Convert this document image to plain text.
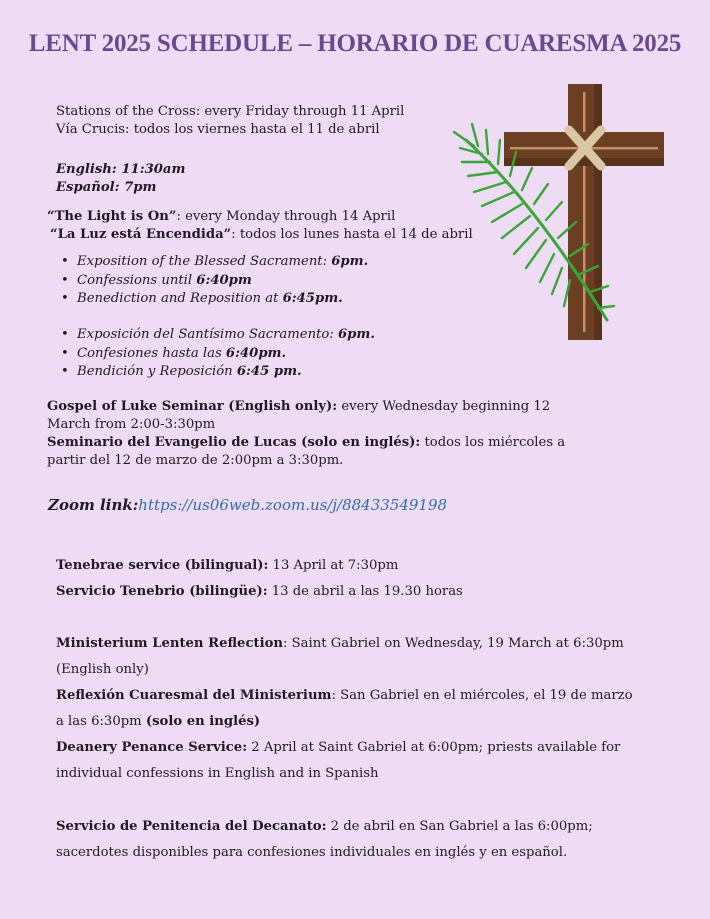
LENT 2025 SCHEDULE – HORARIO DE CUARESMA 2025
Stations of the Cross: every Friday through 11 April
Vía Crucis: todos los viernes hasta el 11 de abril
English: 11:30am
Español: 7pm
“The Light is On”: every Monday through 14 April
“La Luz está Encendida”: todos los lunes hasta el 14 de abril
• Exposition of the Blessed Sacrament: 6pm.
• Confessions until 6:40pm
• Benediction and Reposition at 6:45pm.
• Exposición del Santísimo Sacramento: 6pm.
• Confesiones hasta las 6:40pm.
• Bendición y Reposición 6:45 pm.
Gospel of Luke Seminar (English only): every Wednesday beginning 12
March from 2:00-3:30pm
Seminario del Evangelio de Lucas (solo en inglés): todos los miércoles a
partir del 12 de marzo de 2:00pm a 3:30pm.
Zoom link:https://us06web.zoom.us/j/88433549198
Tenebrae service (bilingual): 13 April at 7:30pm
Servicio Tenebrio (bilingüe): 13 de abril a las 19.30 horas
Ministerium Lenten Reflection: Saint Gabriel on Wednesday, 19 March at 6:30pm
(English only)
Reflexión Cuaresmal del Ministerium: San Gabriel en el miércoles, el 19 de marzo
a las 6:30pm (solo en inglés)
Deanery Penance Service: 2 April at Saint Gabriel at 6:00pm; priests available for
individual confessions in English and in Spanish
Servicio de Penitencia del Decanato: 2 de abril en San Gabriel a las 6:00pm;
sacerdotes disponibles para confesiones individuales en inglés y en español.
